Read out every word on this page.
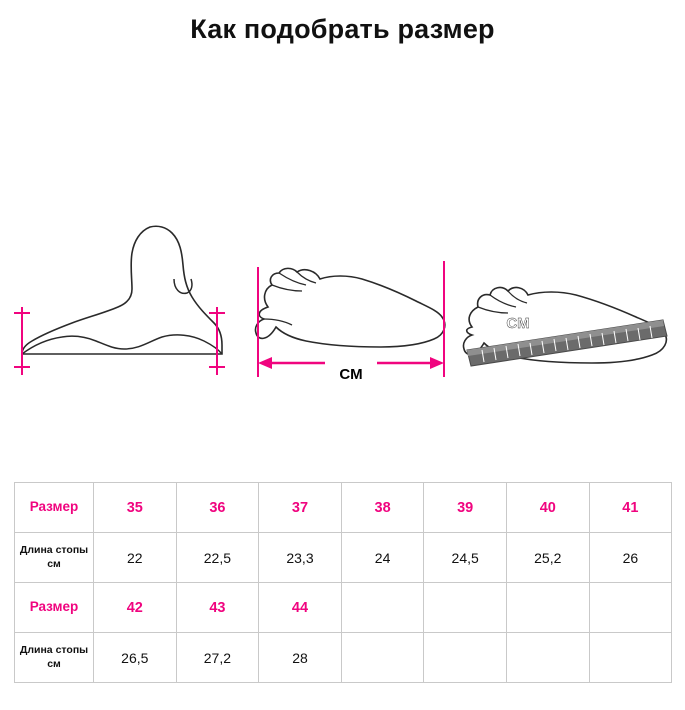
Как подобрать размер
CM
CM
Размер	35	36	37	38	39	40	41
Длина стопы см	22	22,5	23,3	24	24,5	25,2	26
Размер	42	43	44				
Длина стопы см	26,5	27,2	28				
